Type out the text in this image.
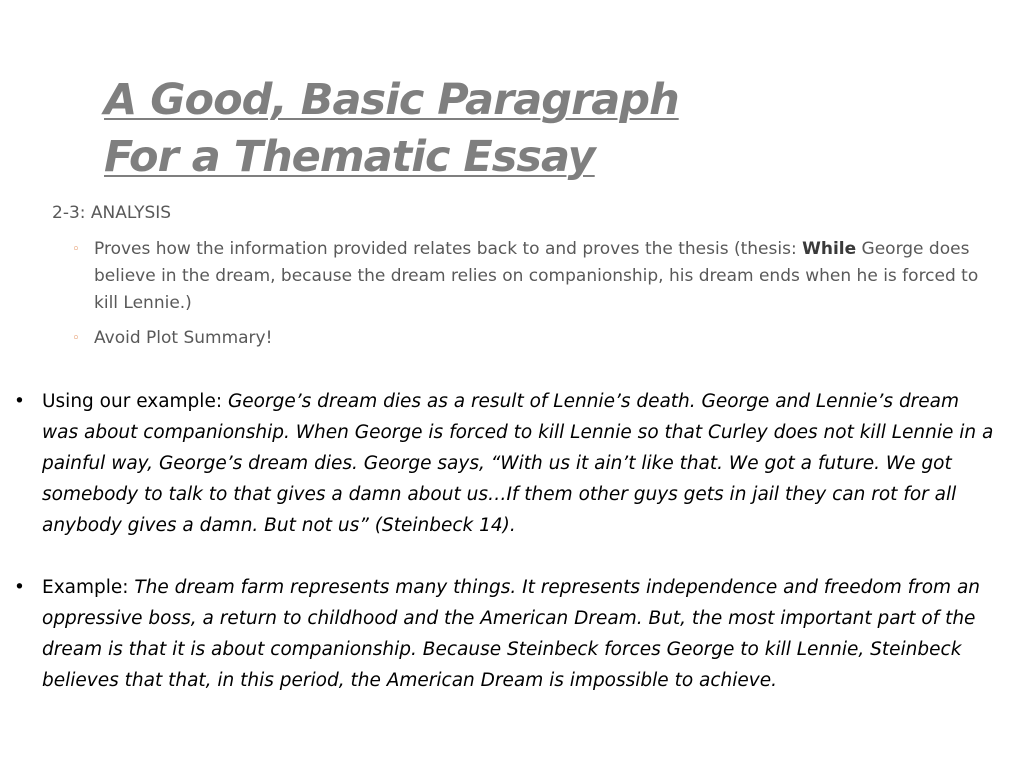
A Good, Basic Paragraph
For a Thematic Essay
2-3: ANALYSIS
◦ Proves how the information provided relates back to and proves the thesis (thesis: While George does believe in the dream, because the dream relies on companionship, his dream ends when he is forced to kill Lennie.)
◦ Avoid Plot Summary!
• Using our example: George’s dream dies as a result of Lennie’s death. George and Lennie’s dream was about companionship. When George is forced to kill Lennie so that Curley does not kill Lennie in a painful way, George’s dream dies. George says, “With us it ain’t like that. We got a future. We got somebody to talk to that gives a damn about us…If them other guys gets in jail they can rot for all anybody gives a damn. But not us” (Steinbeck 14).
• Example: The dream farm represents many things. It represents independence and freedom from an oppressive boss, a return to childhood and the American Dream. But, the most important part of the dream is that it is about companionship. Because Steinbeck forces George to kill Lennie, Steinbeck believes that that, in this period, the American Dream is impossible to achieve.
